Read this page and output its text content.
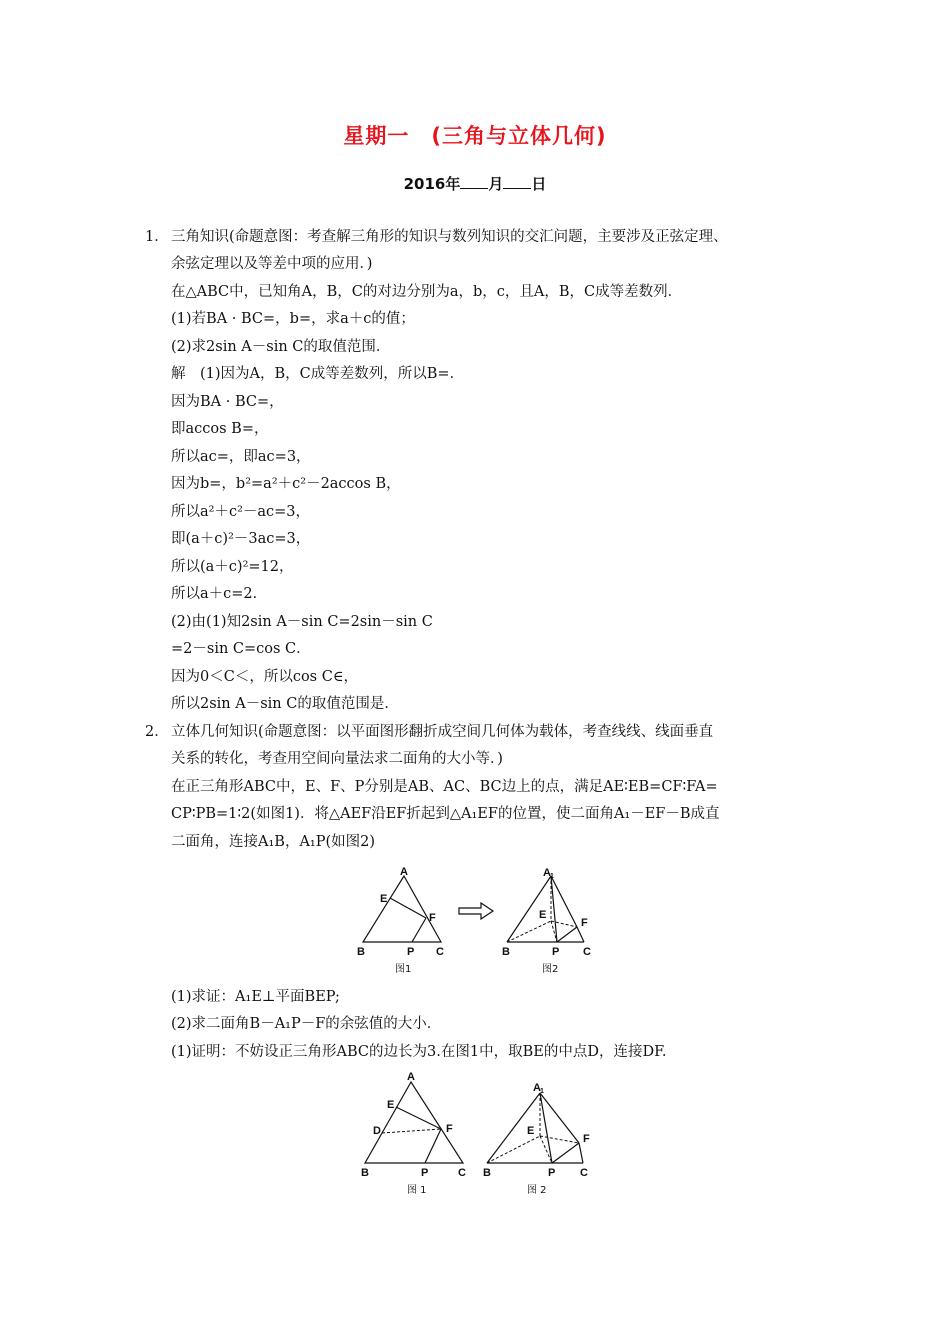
星期一　(三角与立体几何)
2016年 月 日
1． 三角知识(命题意图：考查解三角形的知识与数列知识的交汇问题，主要涉及正弦定理、
余弦定理以及等差中项的应用．)
在△ABC中，已知角A，B，C的对边分别为a，b，c，且A，B，C成等差数列．
(1)若BA · BC=，b=，求a＋c的值；
(2)求2sin A－sin C的取值范围．
解　(1)因为A，B，C成等差数列，所以B=．
因为BA · BC=，
即accos B=，
所以ac=，即ac=3，
因为b=，b²=a²＋c²－2accos B，
所以a²＋c²－ac=3，
即(a＋c)²－3ac=3，
所以(a＋c)²=12，
所以a＋c=2．
(2)由(1)知2sin A－sin C=2sin－sin C
=2－sin C=cos C．
因为0＜C＜，所以cos C∈，
所以2sin A－sin C的取值范围是．
2． 立体几何知识(命题意图：以平面图形翻折成空间几何体为载体，考查线线、线面垂直
关系的转化，考查用空间向量法求二面角的大小等．)
在正三角形ABC中，E、F、P分别是AB、AC、BC边上的点，满足AE∶EB=CF∶FA=
CP∶PB=1∶2(如图1)．将△AEF沿EF折起到△A₁EF的位置，使二面角A₁－EF－B成直
二面角，连接A₁B，A₁P(如图2)
A
E
F
B	P C
图1
A 1
E
F
B	P C
图2
(1)求证：A₁E⊥平面BEP;
(2)求二面角B－A₁P－F的余弦值的大小．
(1)证明：不妨设正三角形ABC的边长为3.在图1中，取BE的中点D，连接DF.
A
E
D	F
B	P	C
图 1
A 1
E
F
B	P C
图 2
